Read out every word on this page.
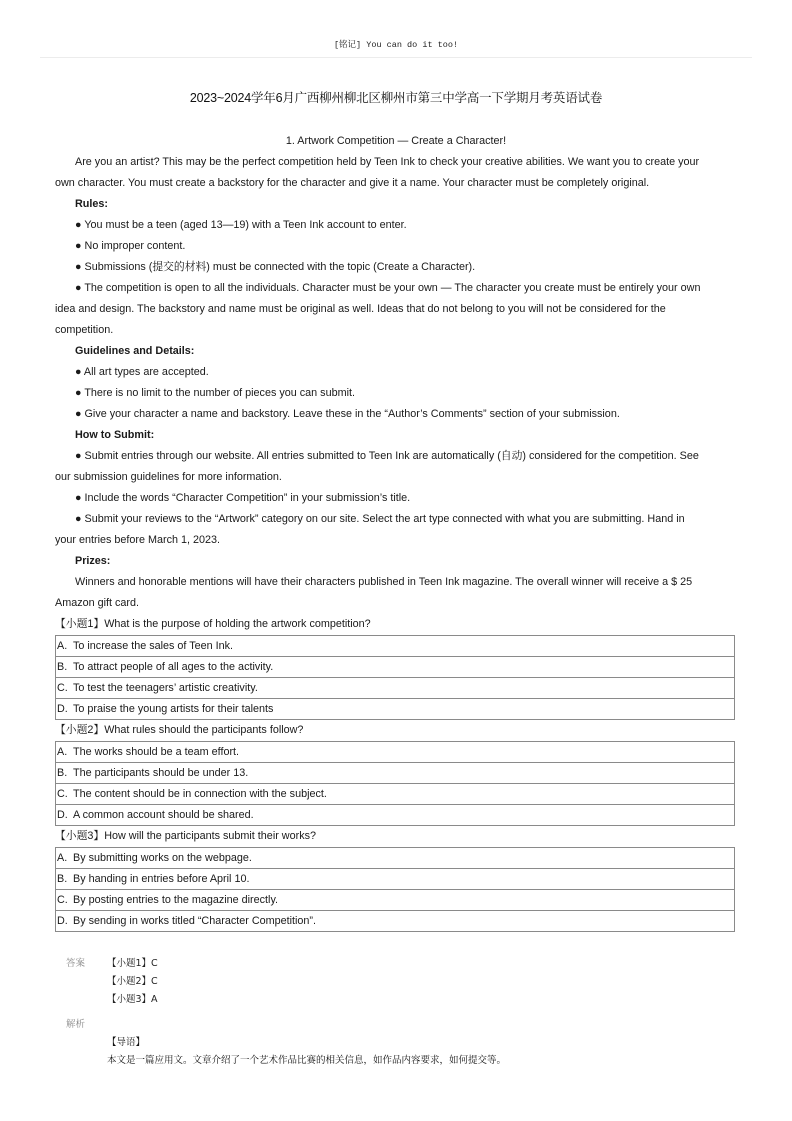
[铭记] You can do it too!
2023~2024学年6月广西柳州柳北区柳州市第三中学高一下学期月考英语试卷
1. Artwork Competition — Create a Character!
Are you an artist? This may be the perfect competition held by Teen Ink to check your creative abilities. We want you to create your
own character. You must create a backstory for the character and give it a name. Your character must be completely original.
Rules:
● You must be a teen (aged 13—19) with a Teen Ink account to enter.
● No improper content.
● Submissions (提交的材料) must be connected with the topic (Create a Character).
● The competition is open to all the individuals. Character must be your own — The character you create must be entirely your own
idea and design. The backstory and name must be original as well. Ideas that do not belong to you will not be considered for the
competition.
Guidelines and Details:
● All art types are accepted.
● There is no limit to the number of pieces you can submit.
● Give your character a name and backstory. Leave these in the “Author’s Comments” section of your submission.
How to Submit:
● Submit entries through our website. All entries submitted to Teen Ink are automatically (自动) considered for the competition. See
our submission guidelines for more information.
● Include the words “Character Competition” in your submission’s title.
● Submit your reviews to the “Artwork” category on our site. Select the art type connected with what you are submitting. Hand in
your entries before March 1, 2023.
Prizes:
Winners and honorable mentions will have their characters published in Teen Ink magazine. The overall winner will receive a $ 25
Amazon gift card.
【小题1】What is the purpose of holding the artwork competition?
A. To increase the sales of Teen Ink.
B. To attract people of all ages to the activity.
C. To test the teenagers’ artistic creativity.
D. To praise the young artists for their talents
【小题2】What rules should the participants follow?
A. The works should be a team effort.
B. The participants should be under 13.
C. The content should be in connection with the subject.
D. A common account should be shared.
【小题3】How will the participants submit their works?
A. By submitting works on the webpage.
B. By handing in entries before April 10.
C. By posting entries to the magazine directly.
D. By sending in works titled “Character Competition”.
答案	【小题1】C
【小题2】C
【小题3】A
解析
【导语】
本文是一篇应用文。文章介绍了一个艺术作品比赛的相关信息，如作品内容要求，如何提交等。
